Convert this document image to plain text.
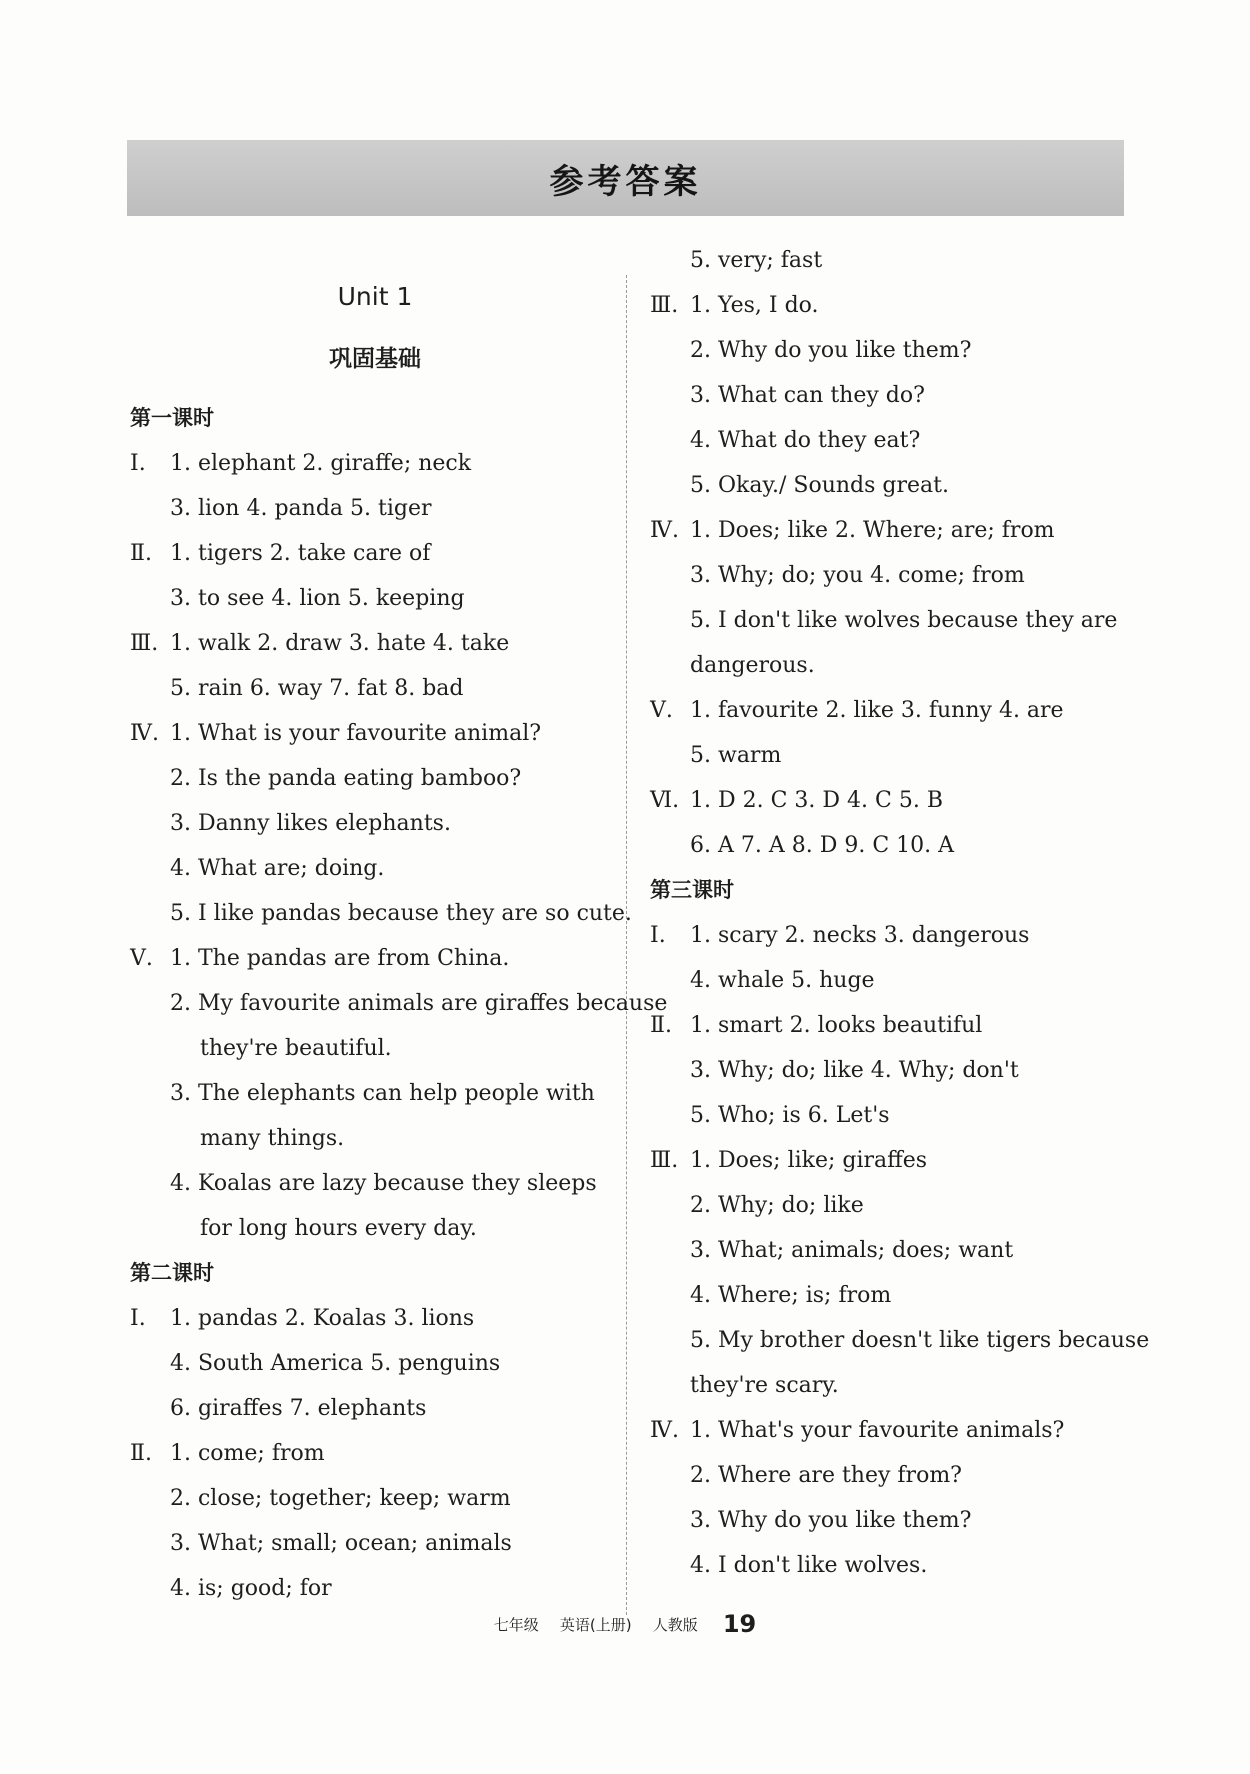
参考答案
Unit 1
巩固基础
第一课时
Ⅰ. 1. elephant 2. giraffe; neck
3. lion 4. panda 5. tiger
Ⅱ. 1. tigers 2. take care of
3. to see 4. lion 5. keeping
Ⅲ. 1. walk 2. draw 3. hate 4. take
5. rain 6. way 7. fat 8. bad
Ⅳ. 1. What is your favourite animal?
2. Is the panda eating bamboo?
3. Danny likes elephants.
4. What are; doing.
5. I like pandas because they are so cute.
Ⅴ. 1. The pandas are from China.
2. My favourite animals are giraffes because
they're beautiful.
3. The elephants can help people with
many things.
4. Koalas are lazy because they sleeps
for long hours every day.
第二课时
Ⅰ. 1. pandas 2. Koalas 3. lions
4. South America 5. penguins
6. giraffes 7. elephants
Ⅱ. 1. come; from
2. close; together; keep; warm
3. What; small; ocean; animals
4. is; good; for
5. very; fast
Ⅲ. 1. Yes, I do.
2. Why do you like them?
3. What can they do?
4. What do they eat?
5. Okay./ Sounds great.
Ⅳ. 1. Does; like 2. Where; are; from
3. Why; do; you 4. come; from
5. I don't like wolves because they are
dangerous.
Ⅴ. 1. favourite 2. like 3. funny 4. are
5. warm
Ⅵ. 1. D 2. C 3. D 4. C 5. B
6. A 7. A 8. D 9. C 10. A
第三课时
Ⅰ. 1. scary 2. necks 3. dangerous
4. whale 5. huge
Ⅱ. 1. smart 2. looks beautiful
3. Why; do; like 4. Why; don't
5. Who; is 6. Let's
Ⅲ. 1. Does; like; giraffes
2. Why; do; like
3. What; animals; does; want
4. Where; is; from
5. My brother doesn't like tigers because
they're scary.
Ⅳ. 1. What's your favourite animals?
2. Where are they from?
3. Why do you like them?
4. I don't like wolves.
七年级 英语(上册) 人教版 19
